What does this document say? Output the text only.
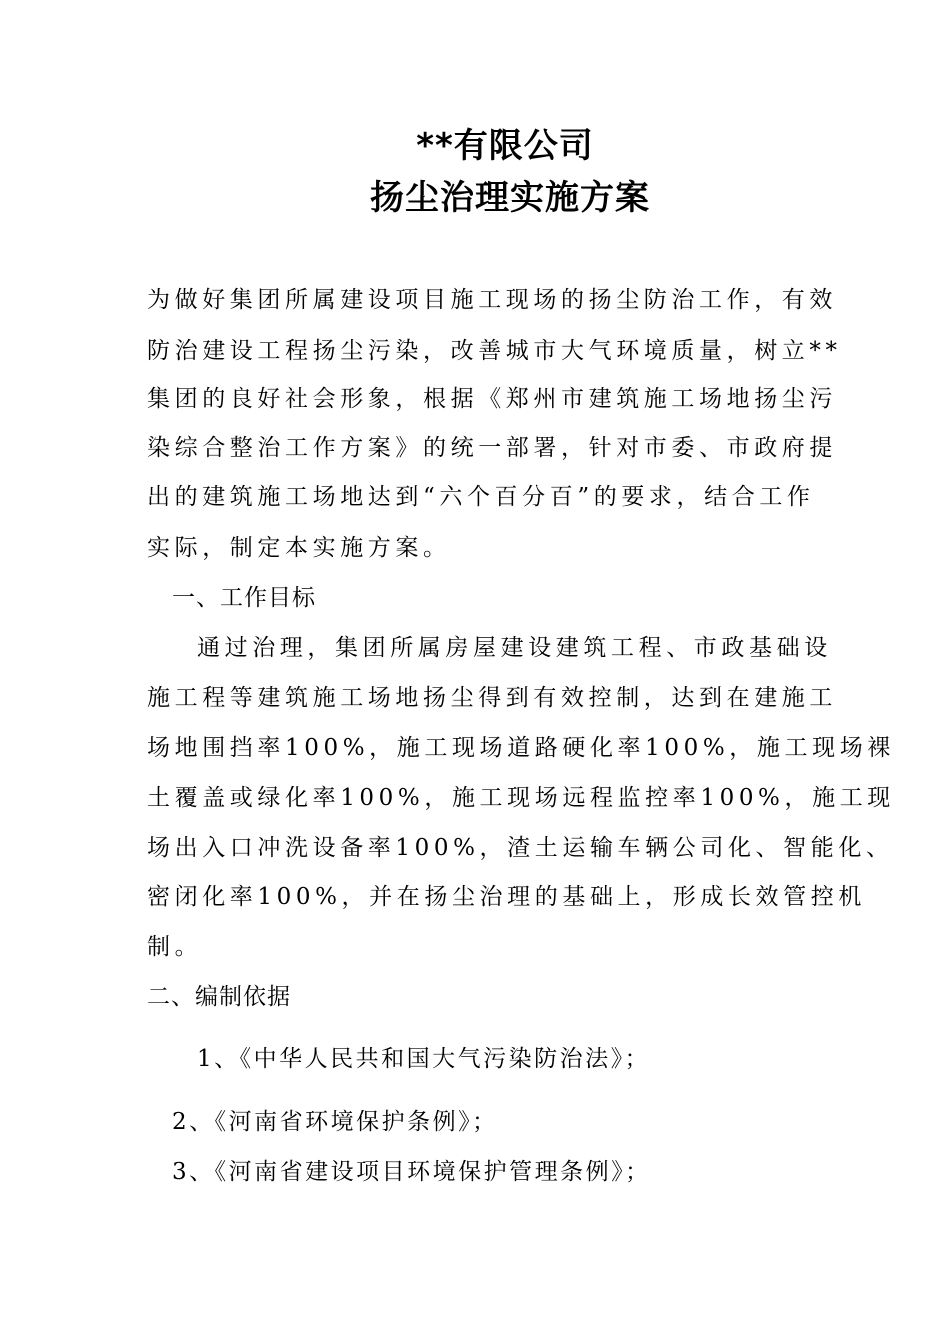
**有限公司
扬尘治理实施方案
为做好集团所属建设项目施工现场的扬尘防治工作，有效
防治建设工程扬尘污染，改善城市大气环境质量，树立**
集团的良好社会形象，根据《郑州市建筑施工场地扬尘污
染综合整治工作方案》的统一部署，针对市委、市政府提
出的建筑施工场地达到“六个百分百”的要求，结合工作
实际，制定本实施方案。
一、工作目标
通过治理，集团所属房屋建设建筑工程、市政基础设
施工程等建筑施工场地扬尘得到有效控制，达到在建施工
场地围挡率100%，施工现场道路硬化率100%，施工现场裸
土覆盖或绿化率100%，施工现场远程监控率100%，施工现
场出入口冲洗设备率100%，渣土运输车辆公司化、智能化、
密闭化率100%，并在扬尘治理的基础上，形成长效管控机
制。
二、编制依据
1、《中华人民共和国大气污染防治法》；
2、《河南省环境保护条例》；
3、《河南省建设项目环境保护管理条例》；
